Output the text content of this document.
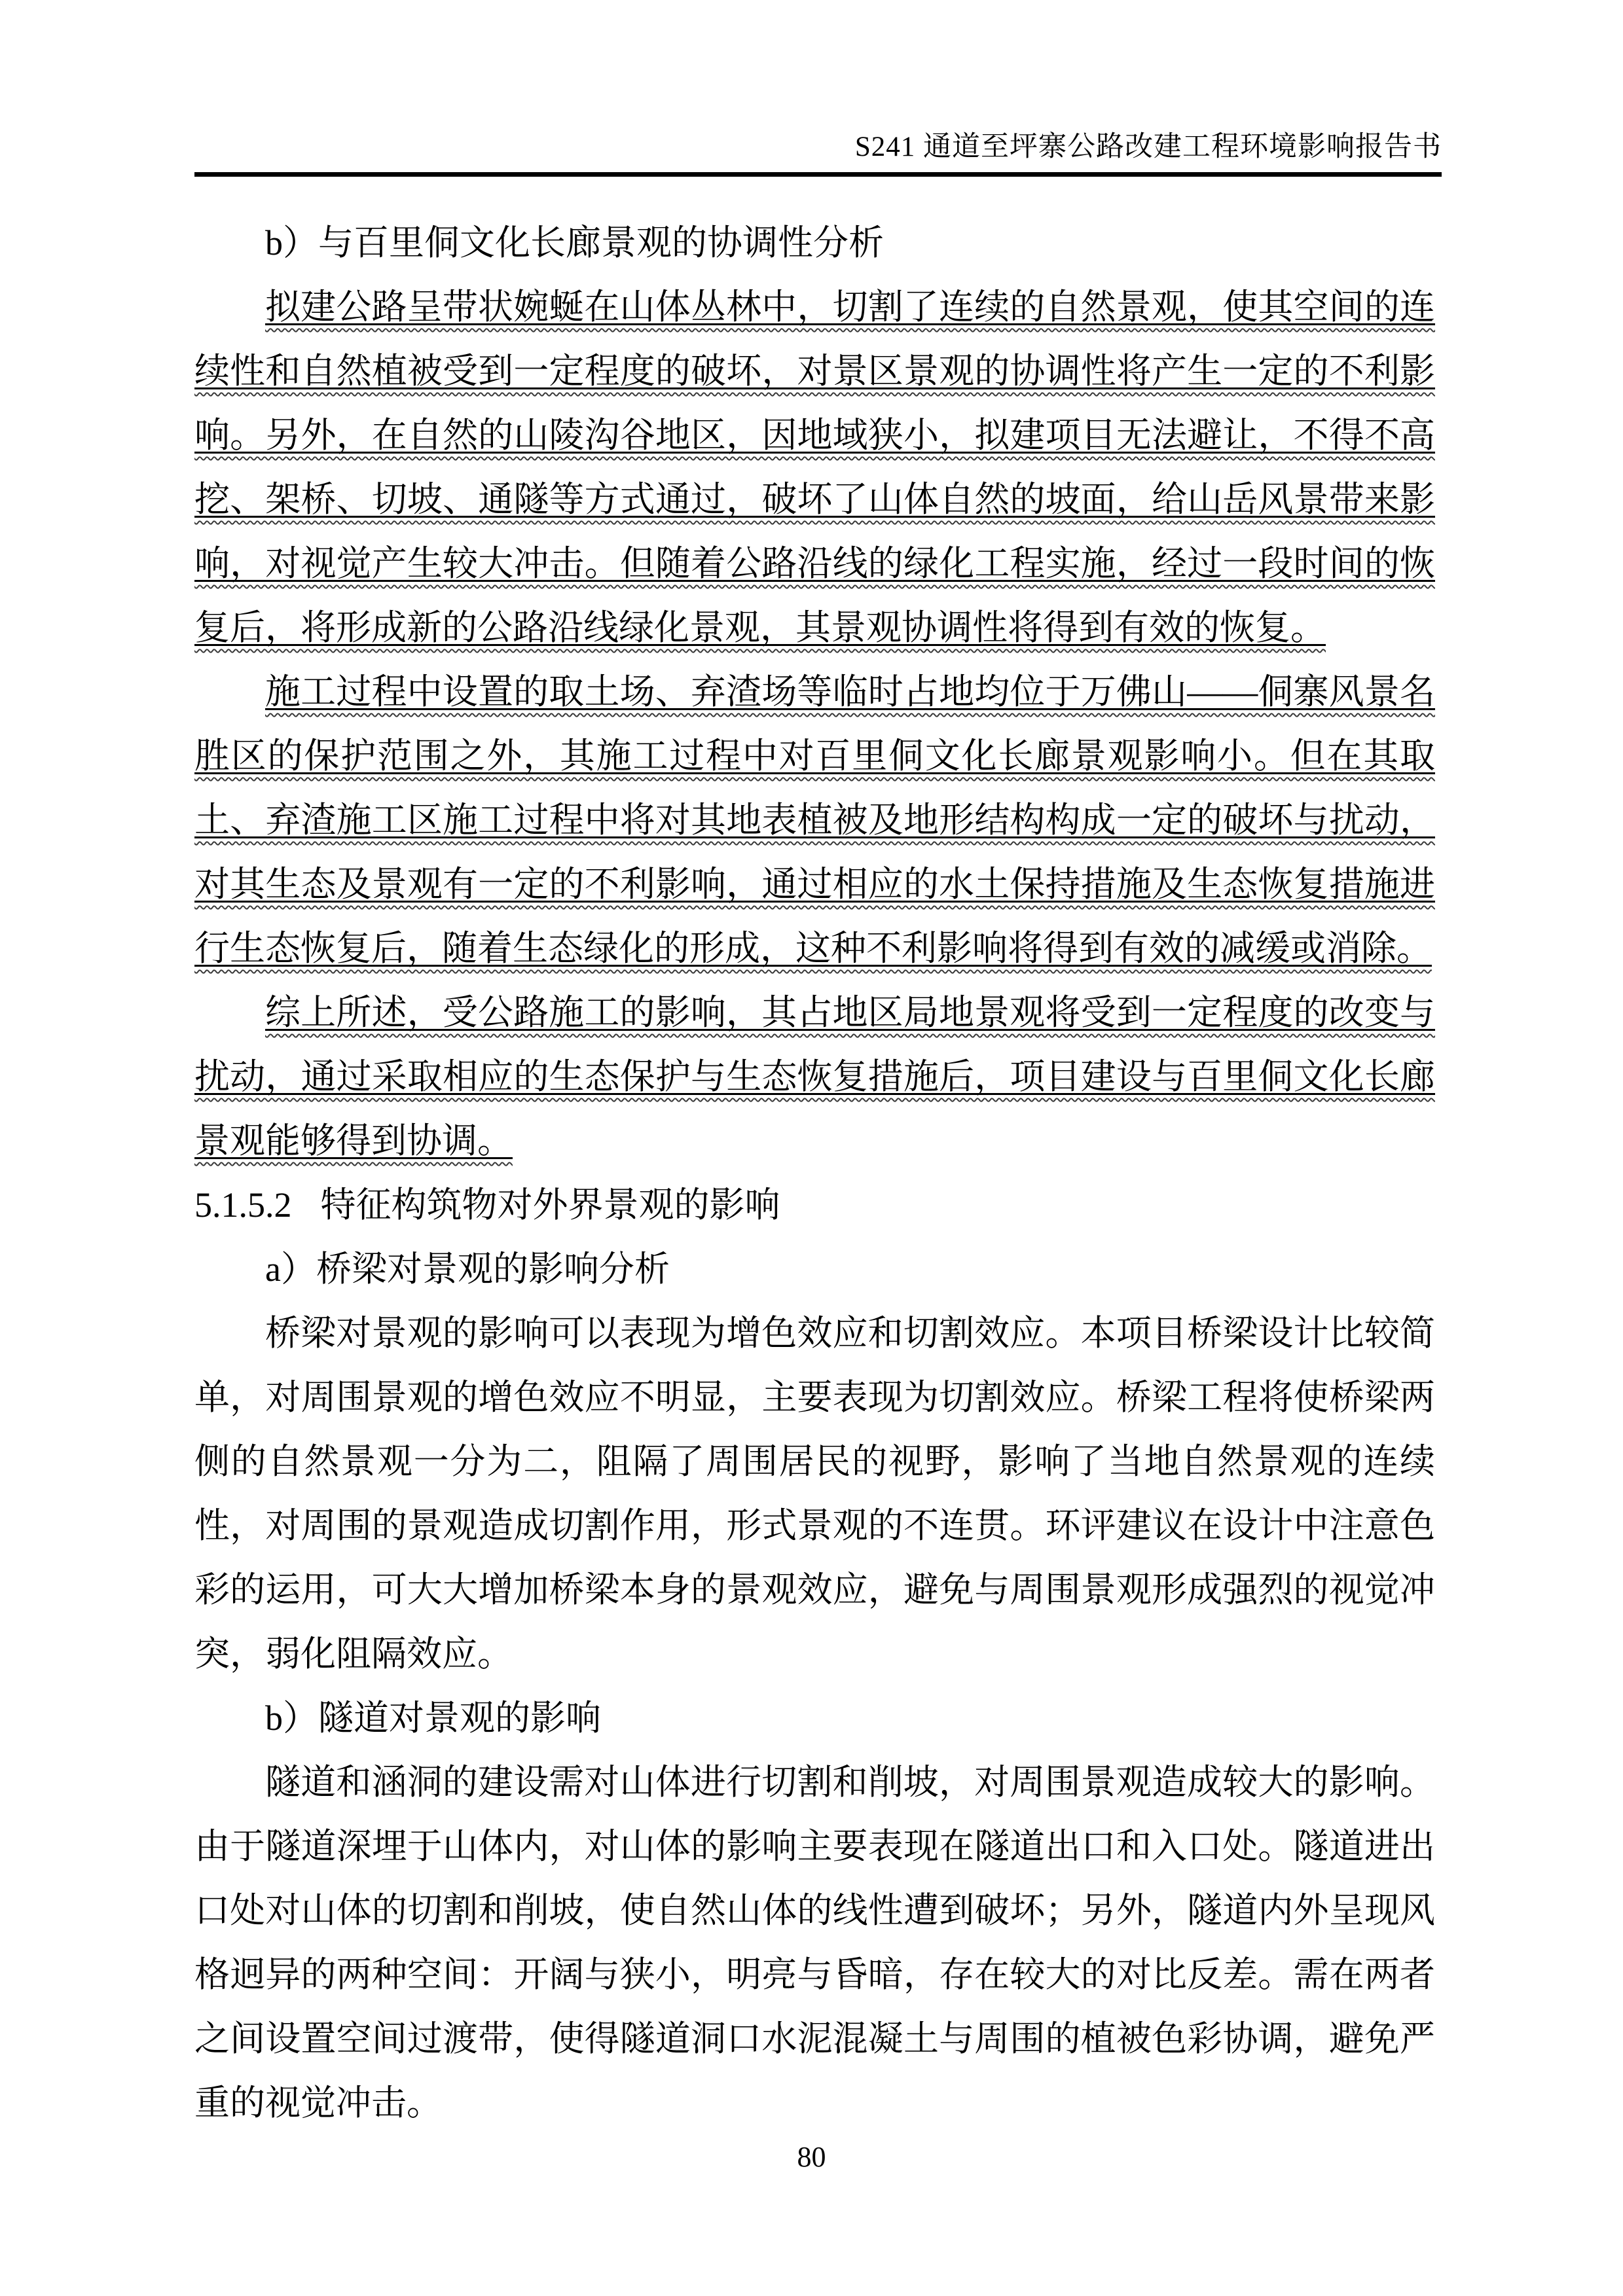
S241 通道至坪寨公路改建工程环境影响报告书

b）与百里侗文化长廊景观的协调性分析

拟建公路呈带状婉蜒在山体丛林中，切割了连续的自然景观，使其空间的连续性和自然植被受到一定程度的破坏，对景区景观的协调性将产生一定的不利影响。另外，在自然的山陵沟谷地区，因地域狭小，拟建项目无法避让，不得不高挖、架桥、切坡、通隧等方式通过，破坏了山体自然的坡面，给山岳风景带来影响，对视觉产生较大冲击。但随着公路沿线的绿化工程实施，经过一段时间的恢复后，将形成新的公路沿线绿化景观，其景观协调性将得到有效的恢复。

施工过程中设置的取土场、弃渣场等临时占地均位于万佛山——侗寨风景名胜区的保护范围之外，其施工过程中对百里侗文化长廊景观影响小。但在其取土、弃渣施工区施工过程中将对其地表植被及地形结构构成一定的破坏与扰动，对其生态及景观有一定的不利影响，通过相应的水土保持措施及生态恢复措施进行生态恢复后，随着生态绿化的形成，这种不利影响将得到有效的减缓或消除。

综上所述，受公路施工的影响，其占地区局地景观将受到一定程度的改变与扰动，通过采取相应的生态保护与生态恢复措施后，项目建设与百里侗文化长廊景观能够得到协调。

5.1.5.2 特征构筑物对外界景观的影响

a）桥梁对景观的影响分析

桥梁对景观的影响可以表现为增色效应和切割效应。本项目桥梁设计比较简单，对周围景观的增色效应不明显，主要表现为切割效应。桥梁工程将使桥梁两侧的自然景观一分为二，阻隔了周围居民的视野，影响了当地自然景观的连续性，对周围的景观造成切割作用，形式景观的不连贯。环评建议在设计中注意色彩的运用，可大大增加桥梁本身的景观效应，避免与周围景观形成强烈的视觉冲突，弱化阻隔效应。

b）隧道对景观的影响

隧道和涵洞的建设需对山体进行切割和削坡，对周围景观造成较大的影响。由于隧道深埋于山体内，对山体的影响主要表现在隧道出口和入口处。隧道进出口处对山体的切割和削坡，使自然山体的线性遭到破坏；另外，隧道内外呈现风格迥异的两种空间：开阔与狭小，明亮与昏暗，存在较大的对比反差。需在两者之间设置空间过渡带，使得隧道洞口水泥混凝土与周围的植被色彩协调，避免严重的视觉冲击。

80
